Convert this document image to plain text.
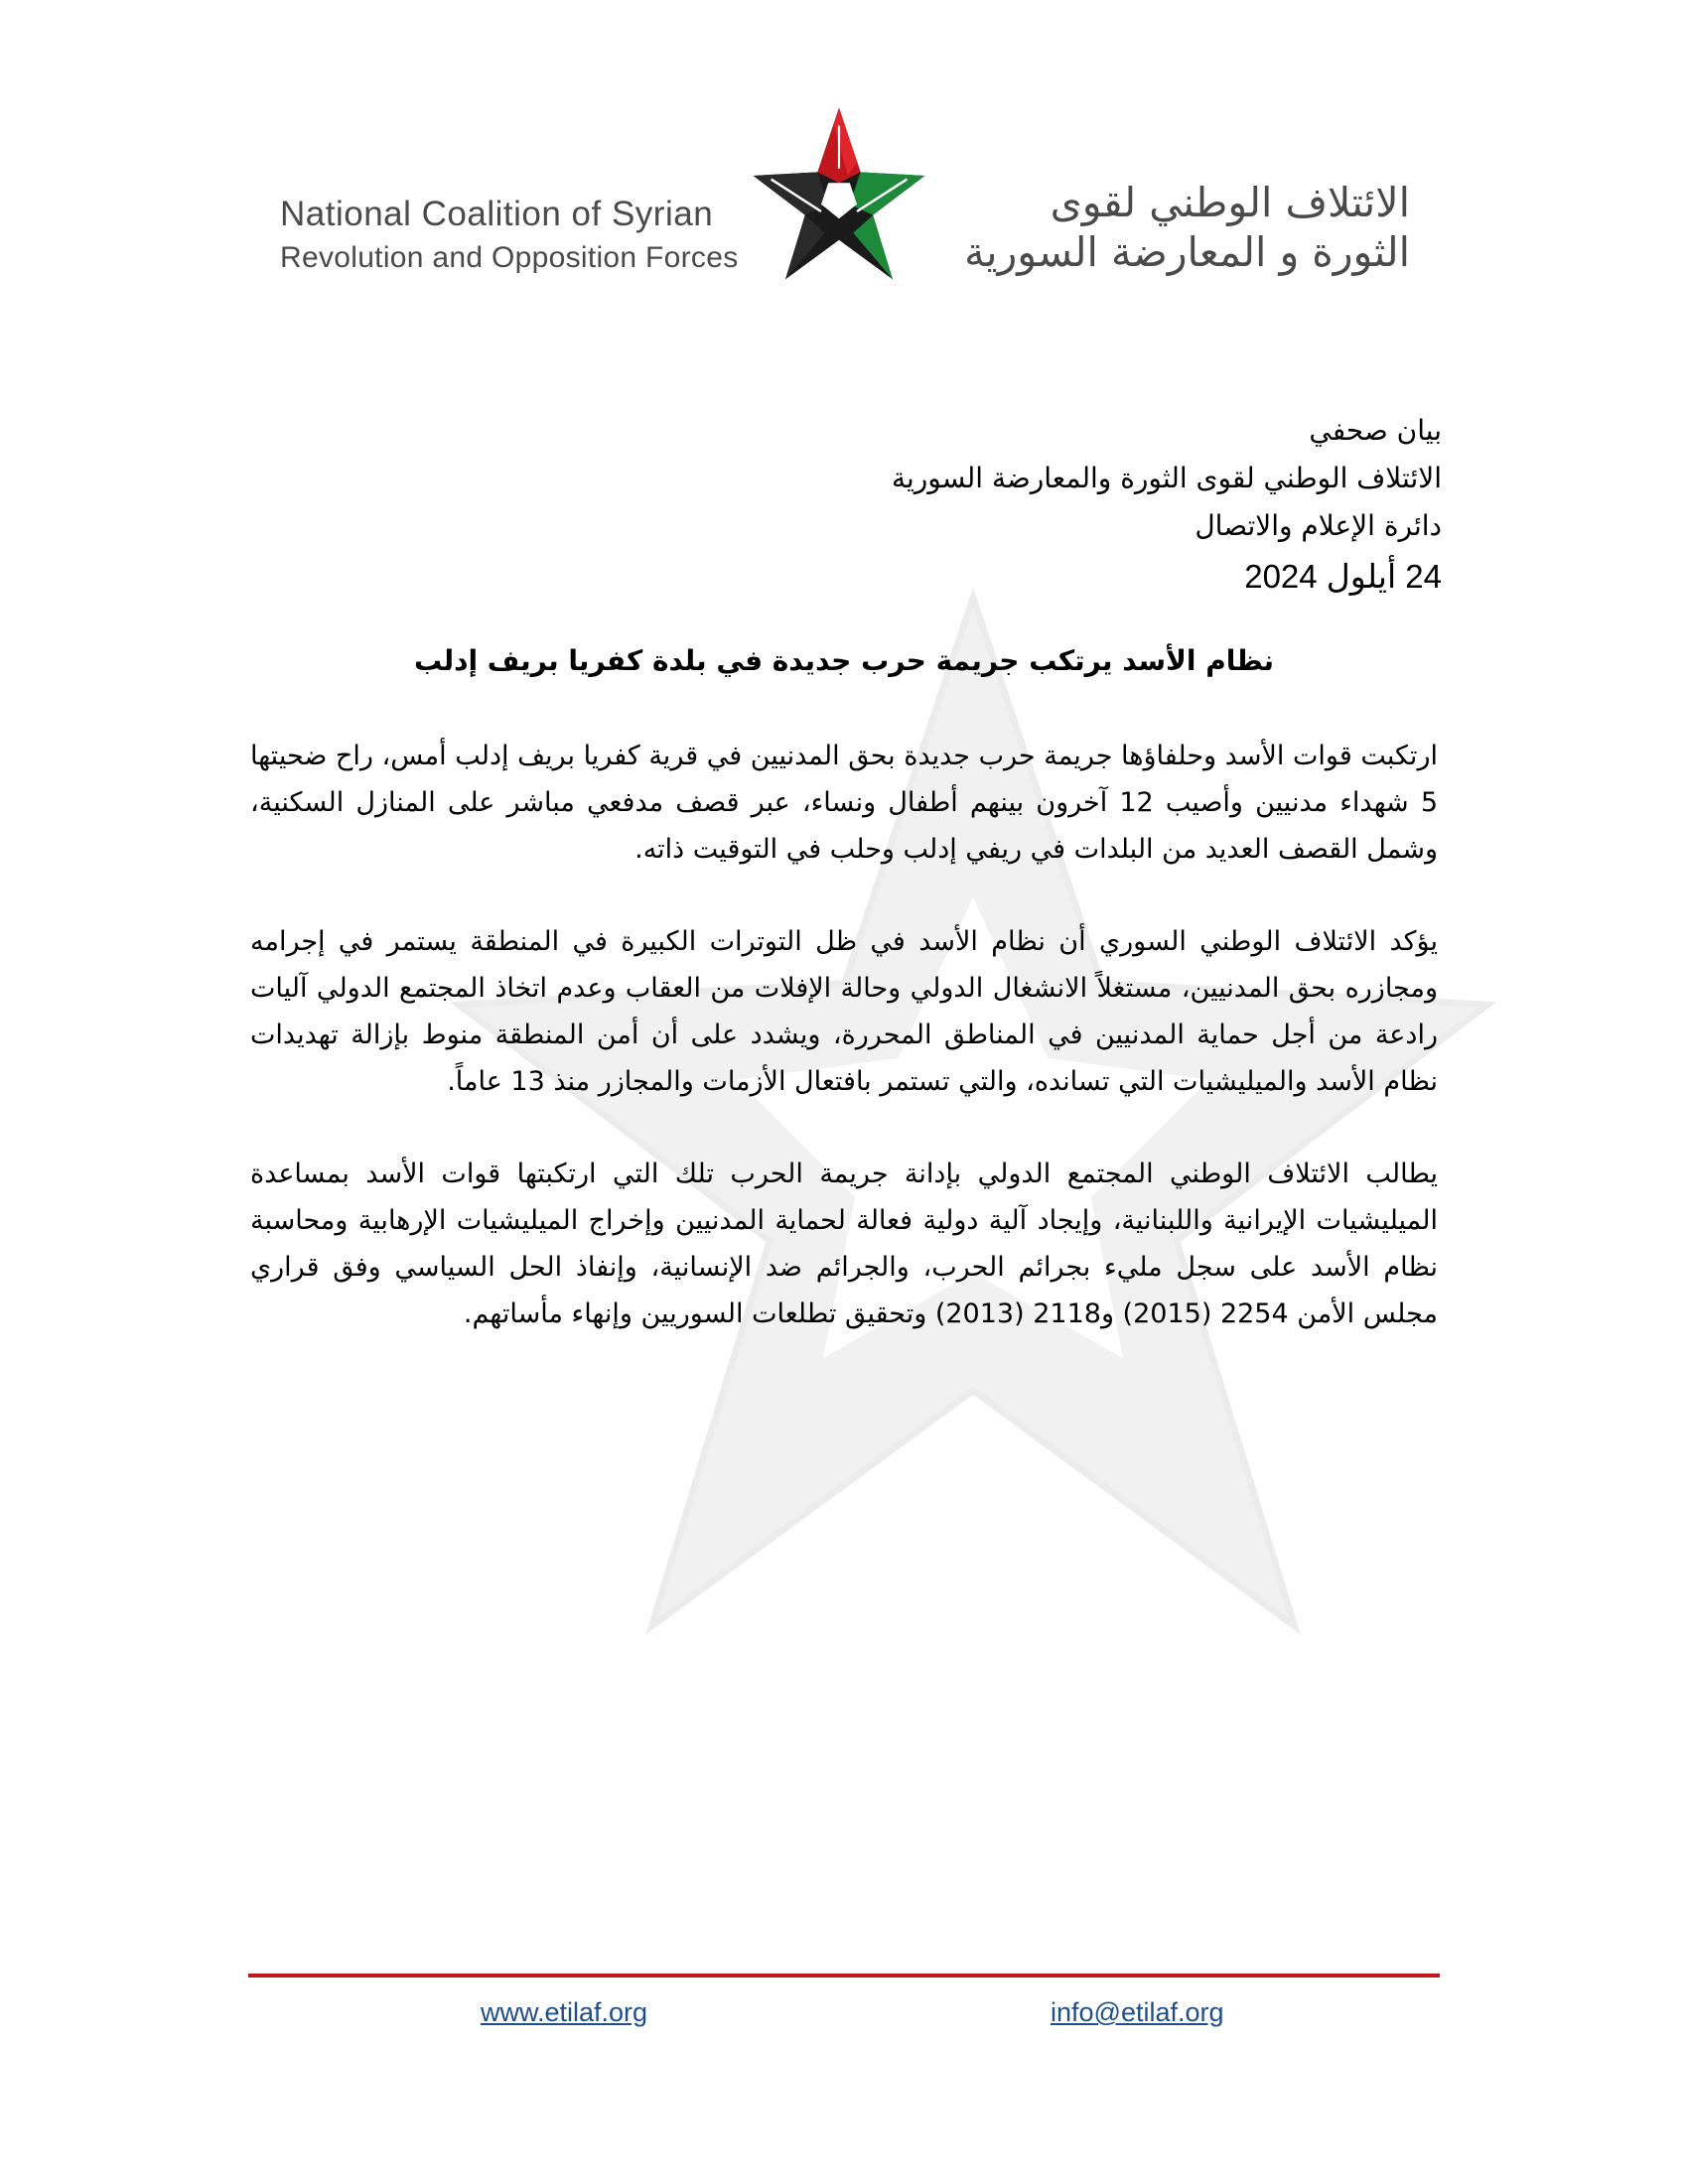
National Coalition of Syrian
Revolution and Opposition Forces
الائتلاف الوطني لقوى
الثورة و المعارضة السورية
بيان صحفي
الائتلاف الوطني لقوى الثورة والمعارضة السورية
دائرة الإعلام والاتصال
24 أيلول 2024
نظام الأسد يرتكب جريمة حرب جديدة في بلدة كفريا بريف إدلب

ارتكبت قوات الأسد وحلفاؤها جريمة حرب جديدة بحق المدنيين في قرية كفريا بريف إدلب أمس، راح ضحيتها 5 شهداء مدنيين وأصيب 12 آخرون بينهم أطفال ونساء، عبر قصف مدفعي مباشر على المنازل السكنية، وشمل القصف العديد من البلدات في ريفي إدلب وحلب في التوقيت ذاته.

يؤكد الائتلاف الوطني السوري أن نظام الأسد في ظل التوترات الكبيرة في المنطقة يستمر في إجرامه ومجازره بحق المدنيين، مستغلاً الانشغال الدولي وحالة الإفلات من العقاب وعدم اتخاذ المجتمع الدولي آليات رادعة من أجل حماية المدنيين في المناطق المحررة، ويشدد على أن أمن المنطقة منوط بإزالة تهديدات نظام الأسد والميليشيات التي تسانده، والتي تستمر بافتعال الأزمات والمجازر منذ 13 عاماً.

يطالب الائتلاف الوطني المجتمع الدولي بإدانة جريمة الحرب تلك التي ارتكبتها قوات الأسد بمساعدة الميليشيات الإيرانية واللبنانية، وإيجاد آلية دولية فعالة لحماية المدنيين وإخراج الميليشيات الإرهابية ومحاسبة نظام الأسد على سجل مليء بجرائم الحرب، والجرائم ضد الإنسانية، وإنفاذ الحل السياسي وفق قراري مجلس الأمن 2254 (2015) و2118 (2013) وتحقيق تطلعات السوريين وإنهاء مأساتهم.

www.etilaf.org	info@etilaf.org
